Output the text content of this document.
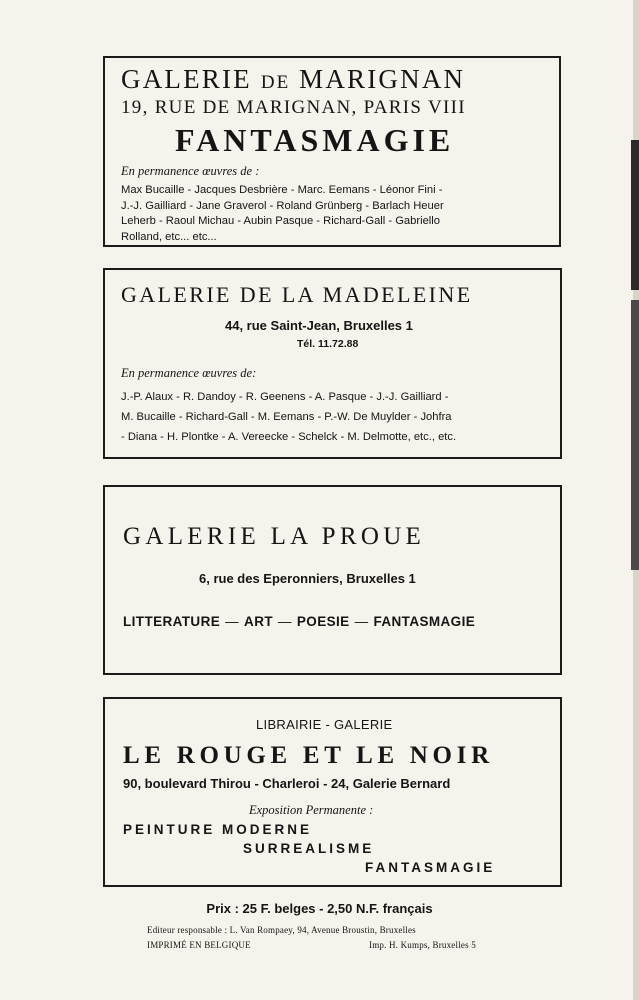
GALERIE DE MARIGNAN
19, RUE DE MARIGNAN, PARIS VIII
FANTASMAGIE
En permanence œuvres de :
Max Bucaille - Jacques Desbrière - Marc. Eemans - Léonor Fini -
J.-J. Gailliard - Jane Graverol - Roland Grünberg - Barlach Heuer
Leherb - Raoul Michau - Aubin Pasque - Richard-Gall - Gabriello
Rolland, etc... etc...
GALERIE DE LA MADELEINE
44, rue Saint-Jean, Bruxelles 1
Tél. 11.72.88
En permanence œuvres de:
J.-P. Alaux - R. Dandoy - R. Geenens - A. Pasque - J.-J. Gailliard -
M. Bucaille - Richard-Gall - M. Eemans - P.-W. De Muylder - Johfra
- Diana - H. Plontke - A. Vereecke - Schelck - M. Delmotte, etc., etc.
GALERIE LA PROUE
6, rue des Eperonniers, Bruxelles 1
LITTERATURE — ART — POESIE — FANTASMAGIE
LIBRAIRIE - GALERIE
LE ROUGE ET LE NOIR
90, boulevard Thirou - Charleroi - 24, Galerie Bernard
Exposition Permanente :
PEINTURE MODERNE
SURREALISME
FANTASMAGIE
Prix : 25 F. belges - 2,50 N.F. français
Editeur responsable : L. Van Rompaey, 94, Avenue Broustin, Bruxelles
IMPRIMÉ EN BELGIQUE	Imp. H. Kumps, Bruxelles 5
